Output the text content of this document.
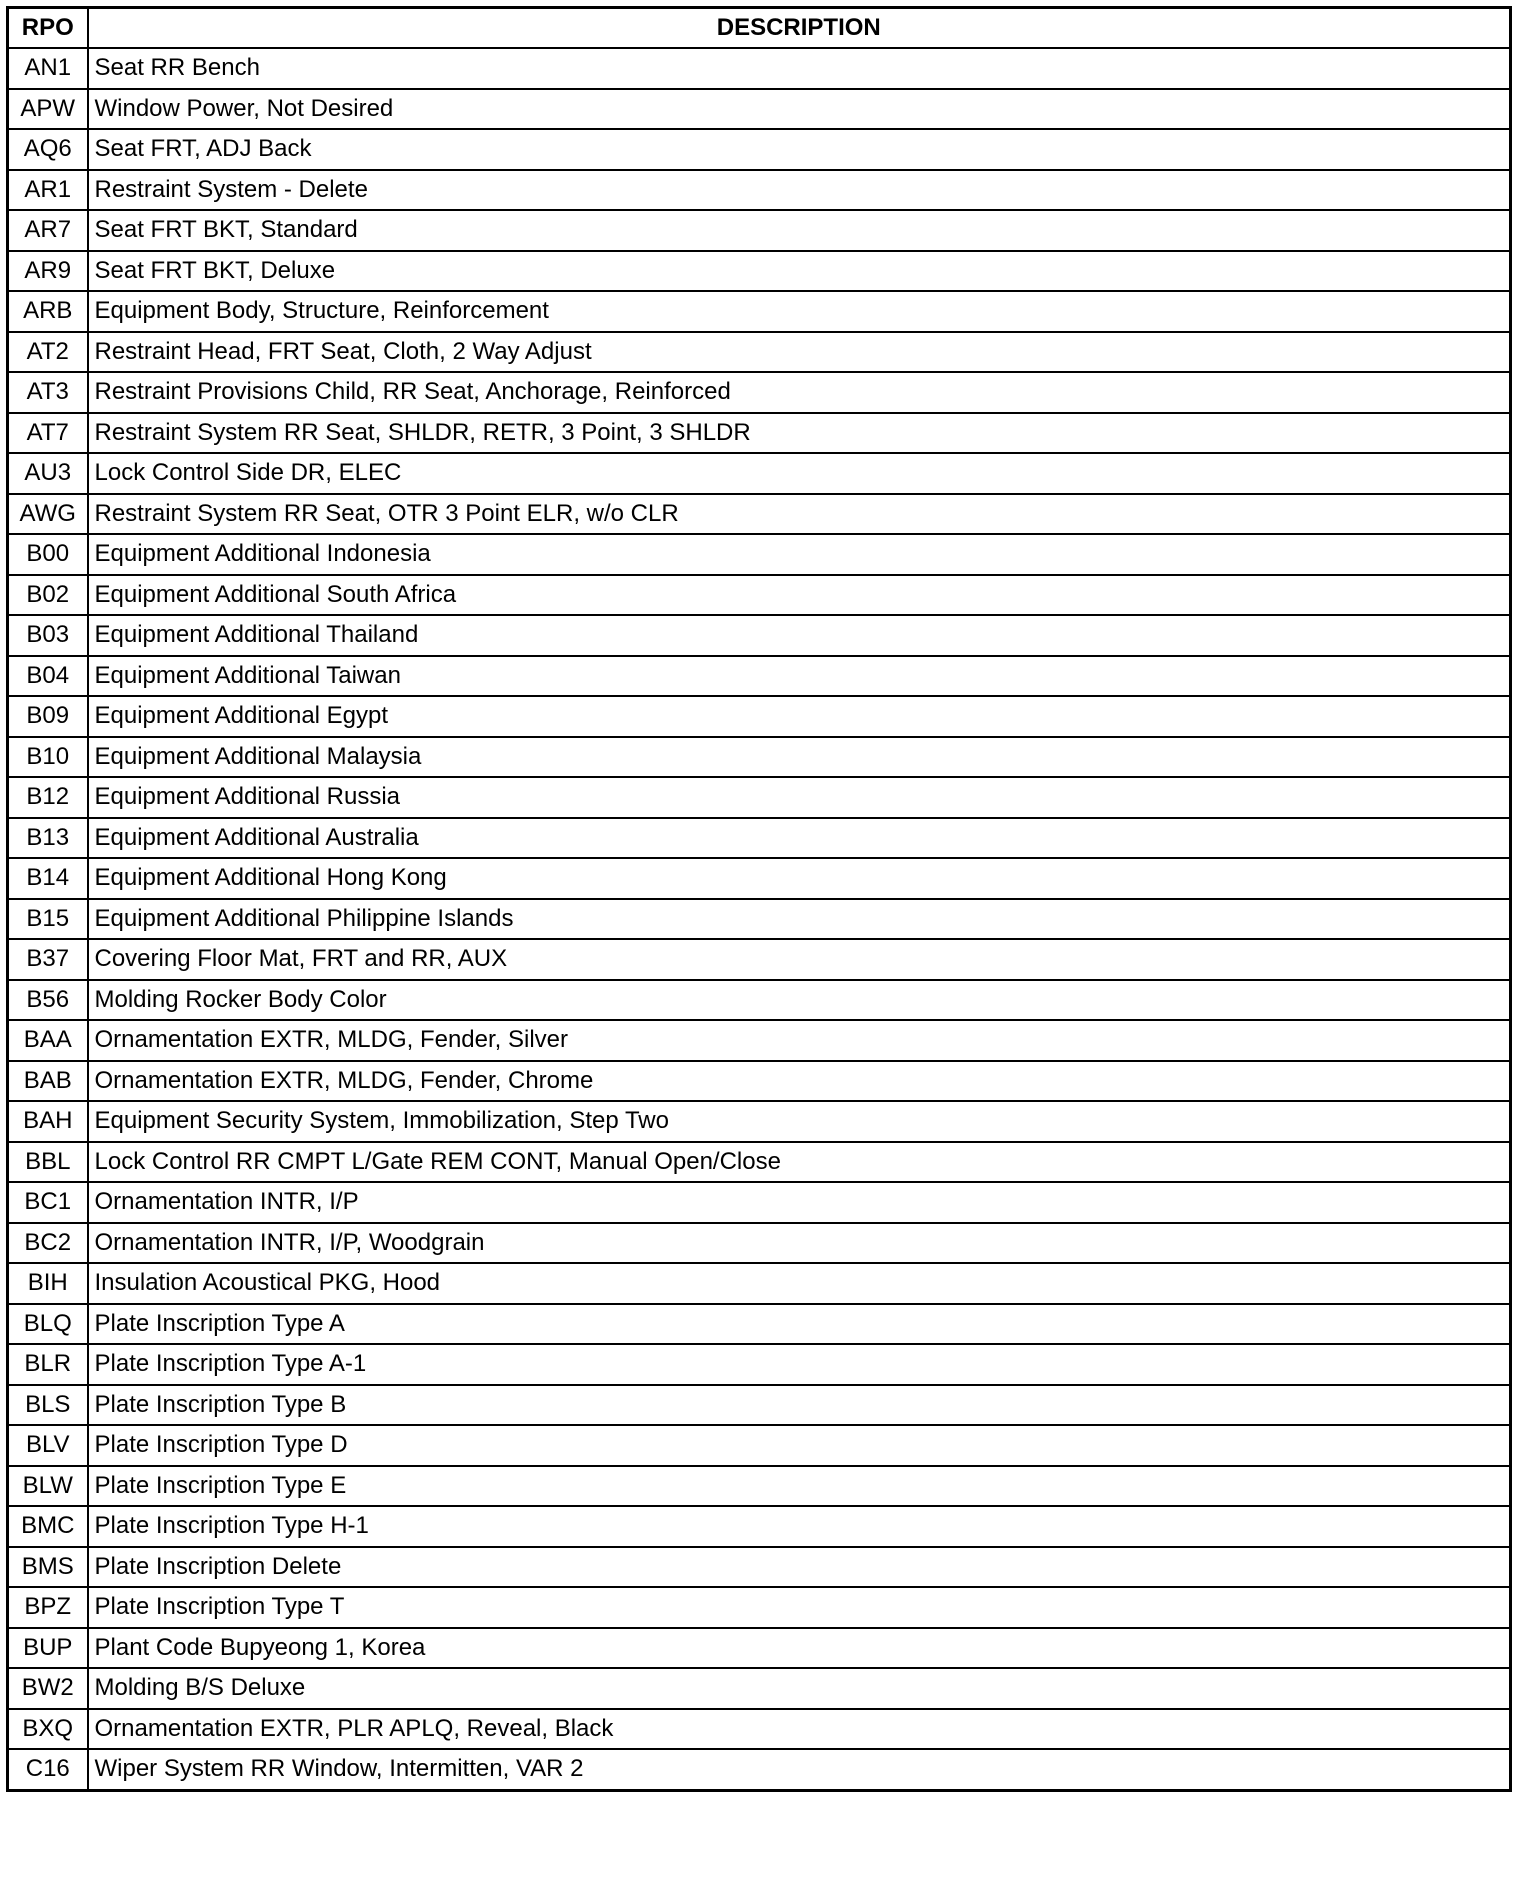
RPO	DESCRIPTION
AN1	Seat RR Bench
APW	Window Power, Not Desired
AQ6	Seat FRT, ADJ Back
AR1	Restraint System - Delete
AR7	Seat FRT BKT, Standard
AR9	Seat FRT BKT, Deluxe
ARB	Equipment Body, Structure, Reinforcement
AT2	Restraint Head, FRT Seat, Cloth, 2 Way Adjust
AT3	Restraint Provisions Child, RR Seat, Anchorage, Reinforced
AT7	Restraint System RR Seat, SHLDR, RETR, 3 Point, 3 SHLDR
AU3	Lock Control Side DR, ELEC
AWG	Restraint System RR Seat, OTR 3 Point ELR, w/o CLR
B00	Equipment Additional Indonesia
B02	Equipment Additional South Africa
B03	Equipment Additional Thailand
B04	Equipment Additional Taiwan
B09	Equipment Additional Egypt
B10	Equipment Additional Malaysia
B12	Equipment Additional Russia
B13	Equipment Additional Australia
B14	Equipment Additional Hong Kong
B15	Equipment Additional Philippine Islands
B37	Covering Floor Mat, FRT and RR, AUX
B56	Molding Rocker Body Color
BAA	Ornamentation EXTR, MLDG, Fender, Silver
BAB	Ornamentation EXTR, MLDG, Fender, Chrome
BAH	Equipment Security System, Immobilization, Step Two
BBL	Lock Control RR CMPT L/Gate REM CONT, Manual Open/Close
BC1	Ornamentation INTR, I/P
BC2	Ornamentation INTR, I/P, Woodgrain
BIH	Insulation Acoustical PKG, Hood
BLQ	Plate Inscription Type A
BLR	Plate Inscription Type A-1
BLS	Plate Inscription Type B
BLV	Plate Inscription Type D
BLW	Plate Inscription Type E
BMC	Plate Inscription Type H-1
BMS	Plate Inscription Delete
BPZ	Plate Inscription Type T
BUP	Plant Code Bupyeong 1, Korea
BW2	Molding B/S Deluxe
BXQ	Ornamentation EXTR, PLR APLQ, Reveal, Black
C16	Wiper System RR Window, Intermitten, VAR 2
